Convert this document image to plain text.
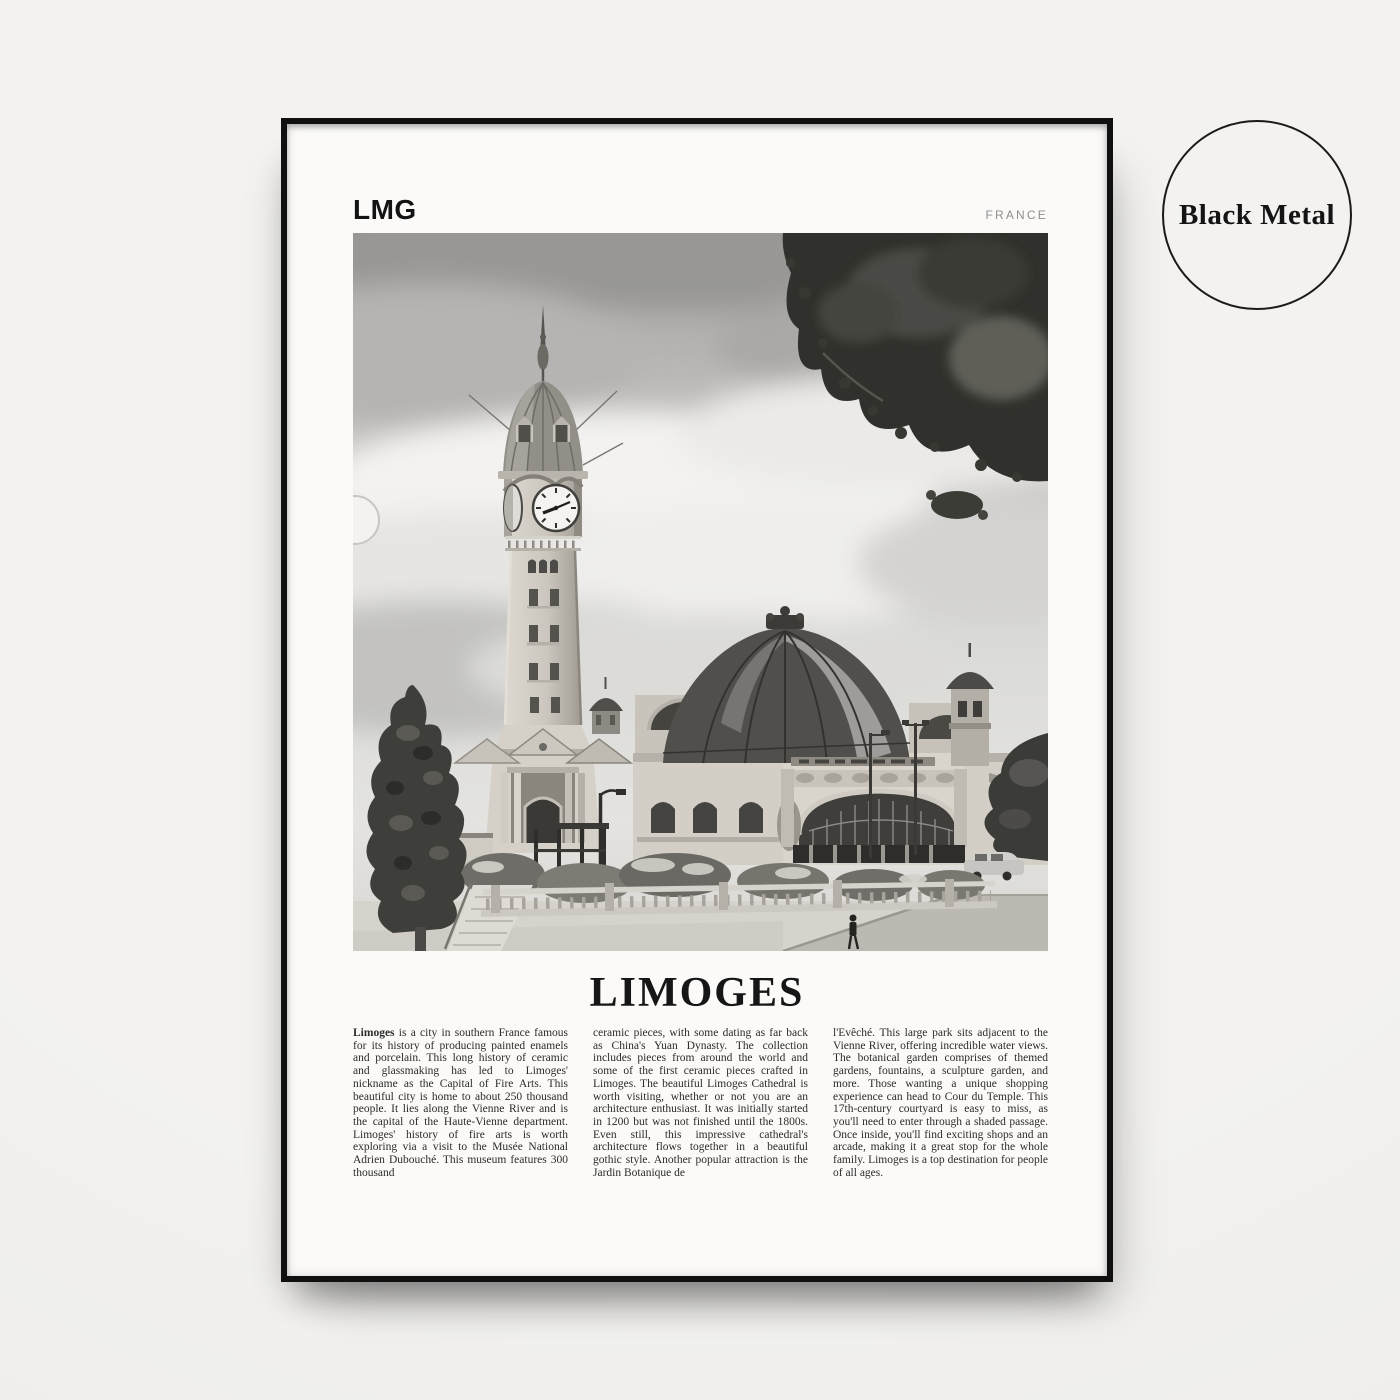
Black Metal
LMG	FRANCE
LIMOGES

Limoges is a city in southern France famous for its history of producing painted enamels and porcelain. This long history of ceramic and glassmaking has led to Limoges' nickname as the Capital of Fire Arts. This beautiful city is home to about 250 thousand people. It lies along the Vienne River and is the capital of the Haute-Vienne department. Limoges' history of fire arts is worth exploring via a visit to the Musée National Adrien Dubouché. This museum features 300 thousand

ceramic pieces, with some dating as far back as China's Yuan Dynasty. The collection includes pieces from around the world and some of the first ceramic pieces crafted in Limoges. The beautiful Limoges Cathedral is worth visiting, whether or not you are an architecture enthusiast. It was initially started in 1200 but was not finished until the 1800s. Even still, this impressive cathedral's architecture flows together in a beautiful gothic style. Another popular attraction is the Jardin Botanique de

l'Evêché. This large park sits adjacent to the Vienne River, offering incredible water views. The botanical garden comprises of themed gardens, fountains, a sculpture garden, and more. Those wanting a unique shopping experience can head to Cour du Temple. This 17th-century courtyard is easy to miss, as you'll need to enter through a shaded passage. Once inside, you'll find exciting shops and an arcade, making it a great stop for the whole family. Limoges is a top destination for people of all ages.
